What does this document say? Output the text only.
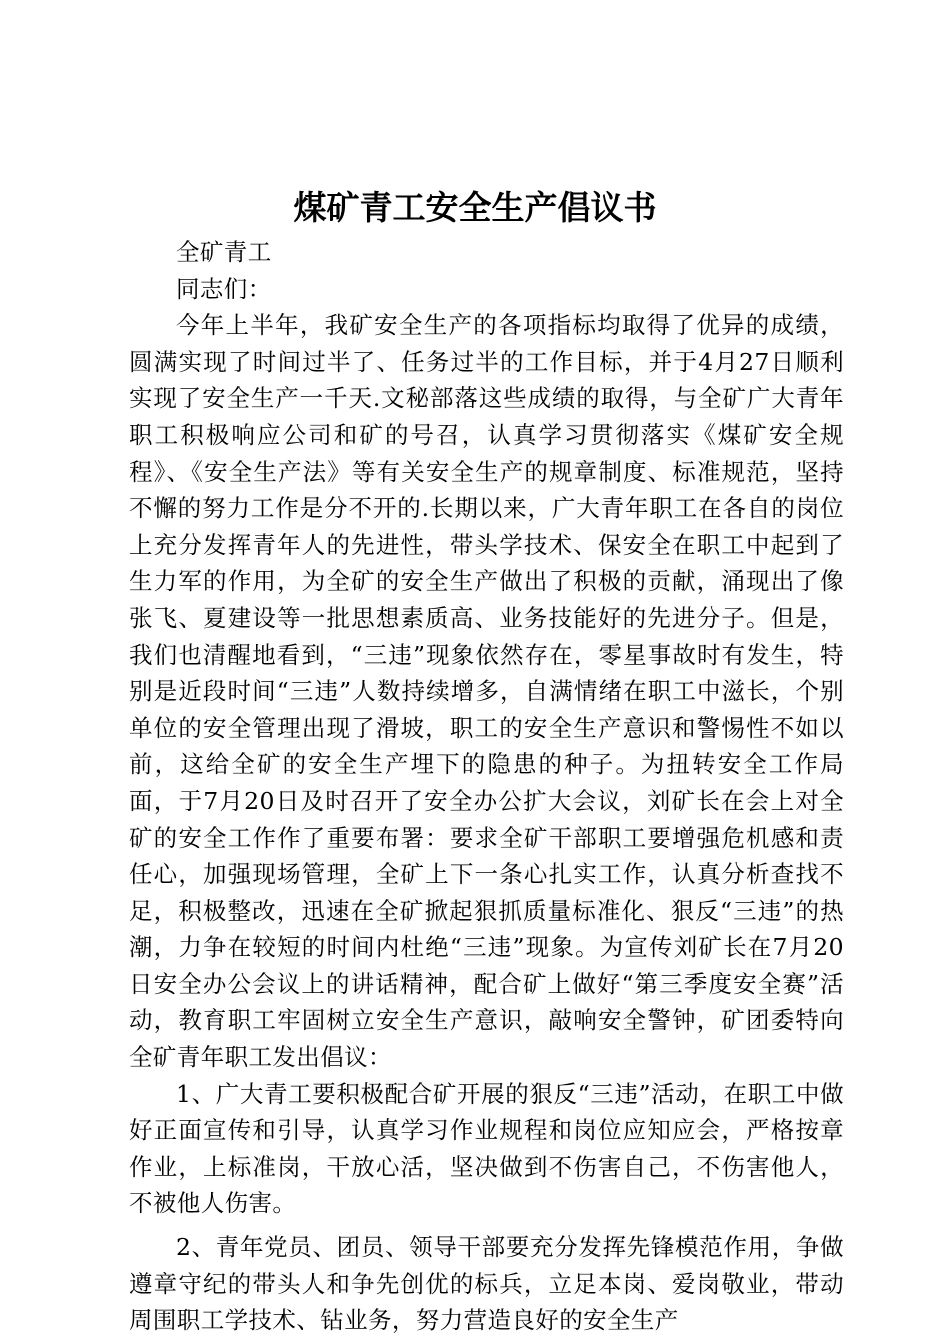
煤矿青工安全生产倡议书

全矿青工

同志们：

今年上半年，我矿安全生产的各项指标均取得了优异的成绩，圆满实现了时间过半了、任务过半的工作目标，并于4月27日顺利实现了安全生产一千天.文秘部落这些成绩的取得，与全矿广大青年职工积极响应公司和矿的号召，认真学习贯彻落实《煤矿安全规程》、《安全生产法》等有关安全生产的规章制度、标准规范，坚持不懈的努力工作是分不开的.长期以来，广大青年职工在各自的岗位上充分发挥青年人的先进性，带头学技术、保安全在职工中起到了生力军的作用，为全矿的安全生产做出了积极的贡献，涌现出了像张飞、夏建设等一批思想素质高、业务技能好的先进分子。但是，我们也清醒地看到，“三违”现象依然存在，零星事故时有发生，特别是近段时间“三违”人数持续增多，自满情绪在职工中滋长，个别单位的安全管理出现了滑坡，职工的安全生产意识和警惕性不如以前，这给全矿的安全生产埋下的隐患的种子。为扭转安全工作局面，于7月20日及时召开了安全办公扩大会议，刘矿长在会上对全矿的安全工作作了重要布署：要求全矿干部职工要增强危机感和责任心，加强现场管理，全矿上下一条心扎实工作，认真分析查找不足，积极整改，迅速在全矿掀起狠抓质量标准化、狠反“三违”的热潮，力争在较短的时间内杜绝“三违”现象。为宣传刘矿长在7月20日安全办公会议上的讲话精神，配合矿上做好“第三季度安全赛”活动，教育职工牢固树立安全生产意识，敲响安全警钟，矿团委特向全矿青年职工发出倡议：

1、广大青工要积极配合矿开展的狠反“三违”活动，在职工中做好正面宣传和引导，认真学习作业规程和岗位应知应会，严格按章作业，上标准岗，干放心活，坚决做到不伤害自己，不伤害他人，不被他人伤害。

2、青年党员、团员、领导干部要充分发挥先锋模范作用，争做遵章守纪的带头人和争先创优的标兵，立足本岗、爱岗敬业，带动周围职工学技术、钻业务，努力营造良好的安全生产
